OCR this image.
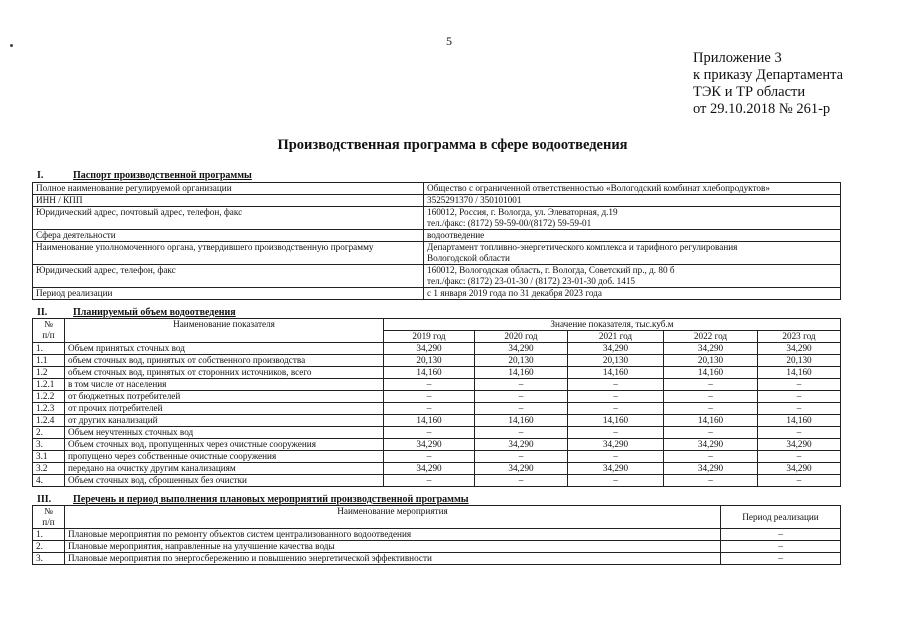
5
Приложение 3
к приказу Департамента
ТЭК и ТР области
от 29.10.2018 № 261-р
Производственная программа в сфере водоотведения
I.	Паспорт производственной программы
Полное наименование регулируемой организации	Общество с ограниченной ответственностью «Вологодский комбинат хлебопродуктов»

ИНН / КПП	3525291370 / 350101001

Юридический адрес, почтовый адрес, телефон, факс	160012, Россия, г. Вологда, ул. Элеваторная, д.19
тел./факс: (8172) 59-59-00/(8172) 59-59-01

Сфера деятельности	водоотведение

Наименование уполномоченного органа, утвердившего производственную программу	Департамент топливно-энергетического комплекса и тарифного регулирования
Вологодской области

Юридический адрес, телефон, факс	160012, Вологодская область, г. Вологда, Советский пр., д. 80 б
тел./факс: (8172) 23-01-30 / (8172) 23-01-30 доб. 1415

Период реализации	с 1 января 2019 года по 31 декабря 2023 года
II.	Планируемый объем водоотведения
№
п/п	Наименование показателя	Значение показателя, тыс.куб.м				
		2019 год	2020 год	2021 год	2022 год	2023 год
1.	Объем принятых сточных вод	34,290	34,290	34,290	34,290	34,290
1.1	объем сточных вод, принятых от собственного производства	20,130	20,130	20,130	20,130	20,130
1.2	объем сточных вод, принятых от сторонних источников, всего	14,160	14,160	14,160	14,160	14,160
1.2.1	в том числе от населения	–	–	–	–	–
1.2.2	от бюджетных потребителей	–	–	–	–	–
1.2.3	от прочих потребителей	–	–	–	–	–
1.2.4	от других канализаций	14,160	14,160	14,160	14,160	14,160
2.	Объем неучтенных сточных вод	–	–	–	–	–
3.	Объем сточных вод, пропущенных через очистные сооружения	34,290	34,290	34,290	34,290	34,290
3.1	пропущено через собственные очистные сооружения	–	–	–	–	–
3.2	передано на очистку другим канализациям	34,290	34,290	34,290	34,290	34,290
4.	Объем сточных вод, сброшенных без очистки	–	–	–	–	–
III. Перечень и период выполнения плановых мероприятий производственной программы
№
п/п	Наименование мероприятия	Период реализации
1.	Плановые мероприятия по ремонту объектов систем централизованного водоотведения	–
2.	Плановые мероприятия, направленные на улучшение качества воды	–
3.	Плановые мероприятия по энергосбережению и повышению энергетической эффективности	–
